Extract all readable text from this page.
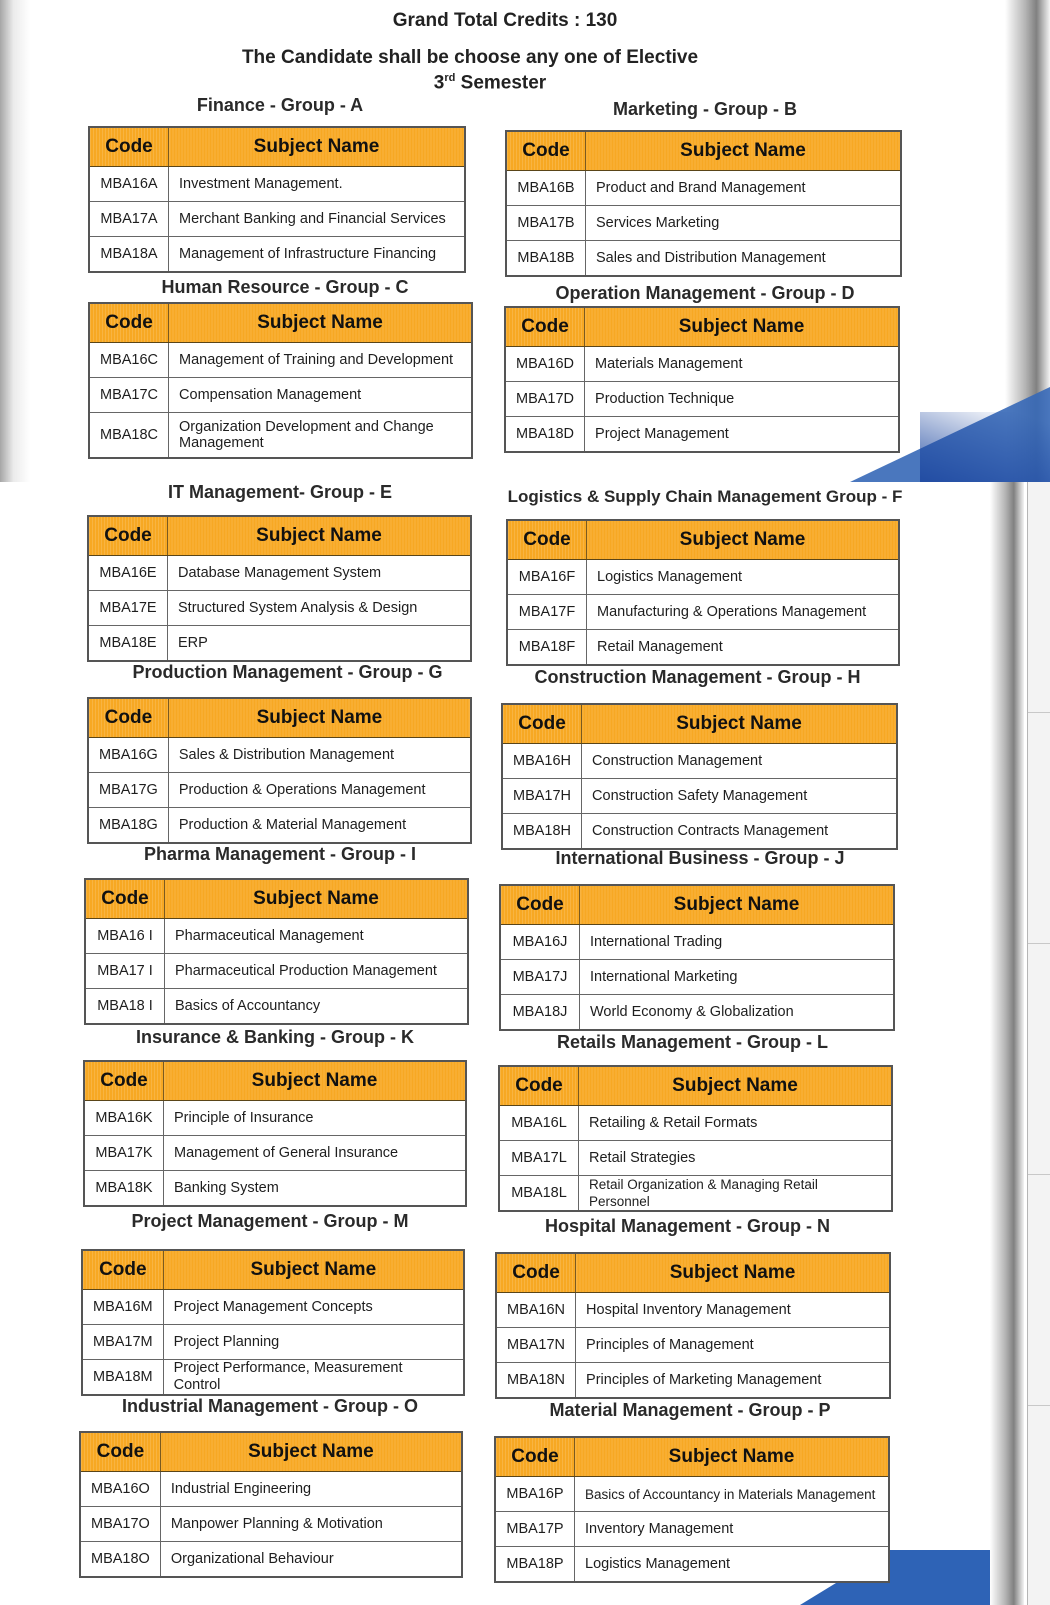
Grand Total Credits : 130
The Candidate shall be choose any one of Elective
3rd Semester
Finance - Group - A
Code	Subject Name
MBA16A	Investment Management.
MBA17A	Merchant Banking and Financial Services
MBA18A	Management of Infrastructure Financing
Marketing - Group - B
Code	Subject Name
MBA16B	Product and Brand Management
MBA17B	Services Marketing
MBA18B	Sales and Distribution Management
Human Resource - Group - C
Code	Subject Name
MBA16C	Management of Training and Development
MBA17C	Compensation Management
MBA18C	Organization Development and Change Management
Operation Management - Group - D
Code	Subject Name
MBA16D	Materials Management
MBA17D	Production Technique
MBA18D	Project Management
IT Management- Group - E
Code	Subject Name
MBA16E	Database Management System
MBA17E	Structured System Analysis & Design
MBA18E	ERP
Logistics & Supply Chain Management Group - F
Code	Subject Name
MBA16F	Logistics Management
MBA17F	Manufacturing & Operations Management
MBA18F	Retail Management
Production Management - Group - G
Code	Subject Name
MBA16G	Sales & Distribution Management
MBA17G	Production & Operations Management
MBA18G	Production & Material Management
Construction Management - Group - H
Code	Subject Name
MBA16H	Construction Management
MBA17H	Construction Safety Management
MBA18H	Construction Contracts Management
Pharma Management - Group - I
Code	Subject Name
MBA16 I	Pharmaceutical Management
MBA17 I	Pharmaceutical Production Management
MBA18 I	Basics of Accountancy
International Business - Group - J
Code	Subject Name
MBA16J	International Trading
MBA17J	International Marketing
MBA18J	World Economy & Globalization
Insurance & Banking - Group - K
Code	Subject Name
MBA16K	Principle of Insurance
MBA17K	Management of General Insurance
MBA18K	Banking System
Retails Management - Group - L
Code	Subject Name
MBA16L	Retailing & Retail Formats
MBA17L	Retail Strategies
MBA18L	Retail Organization & Managing Retail Personnel
Project Management - Group - M
Code	Subject Name
MBA16M	Project Management Concepts
MBA17M	Project Planning
MBA18M	Project Performance, Measurement Control
Hospital Management - Group - N
Code	Subject Name
MBA16N	Hospital Inventory Management
MBA17N	Principles of Management
MBA18N	Principles of Marketing Management
Industrial Management - Group - O
Code	Subject Name
MBA16O	Industrial Engineering
MBA17O	Manpower Planning & Motivation
MBA18O	Organizational Behaviour
Material Management - Group - P
Code	Subject Name
MBA16P	Basics of Accountancy in Materials Management
MBA17P	Inventory Management
MBA18P	Logistics Management
